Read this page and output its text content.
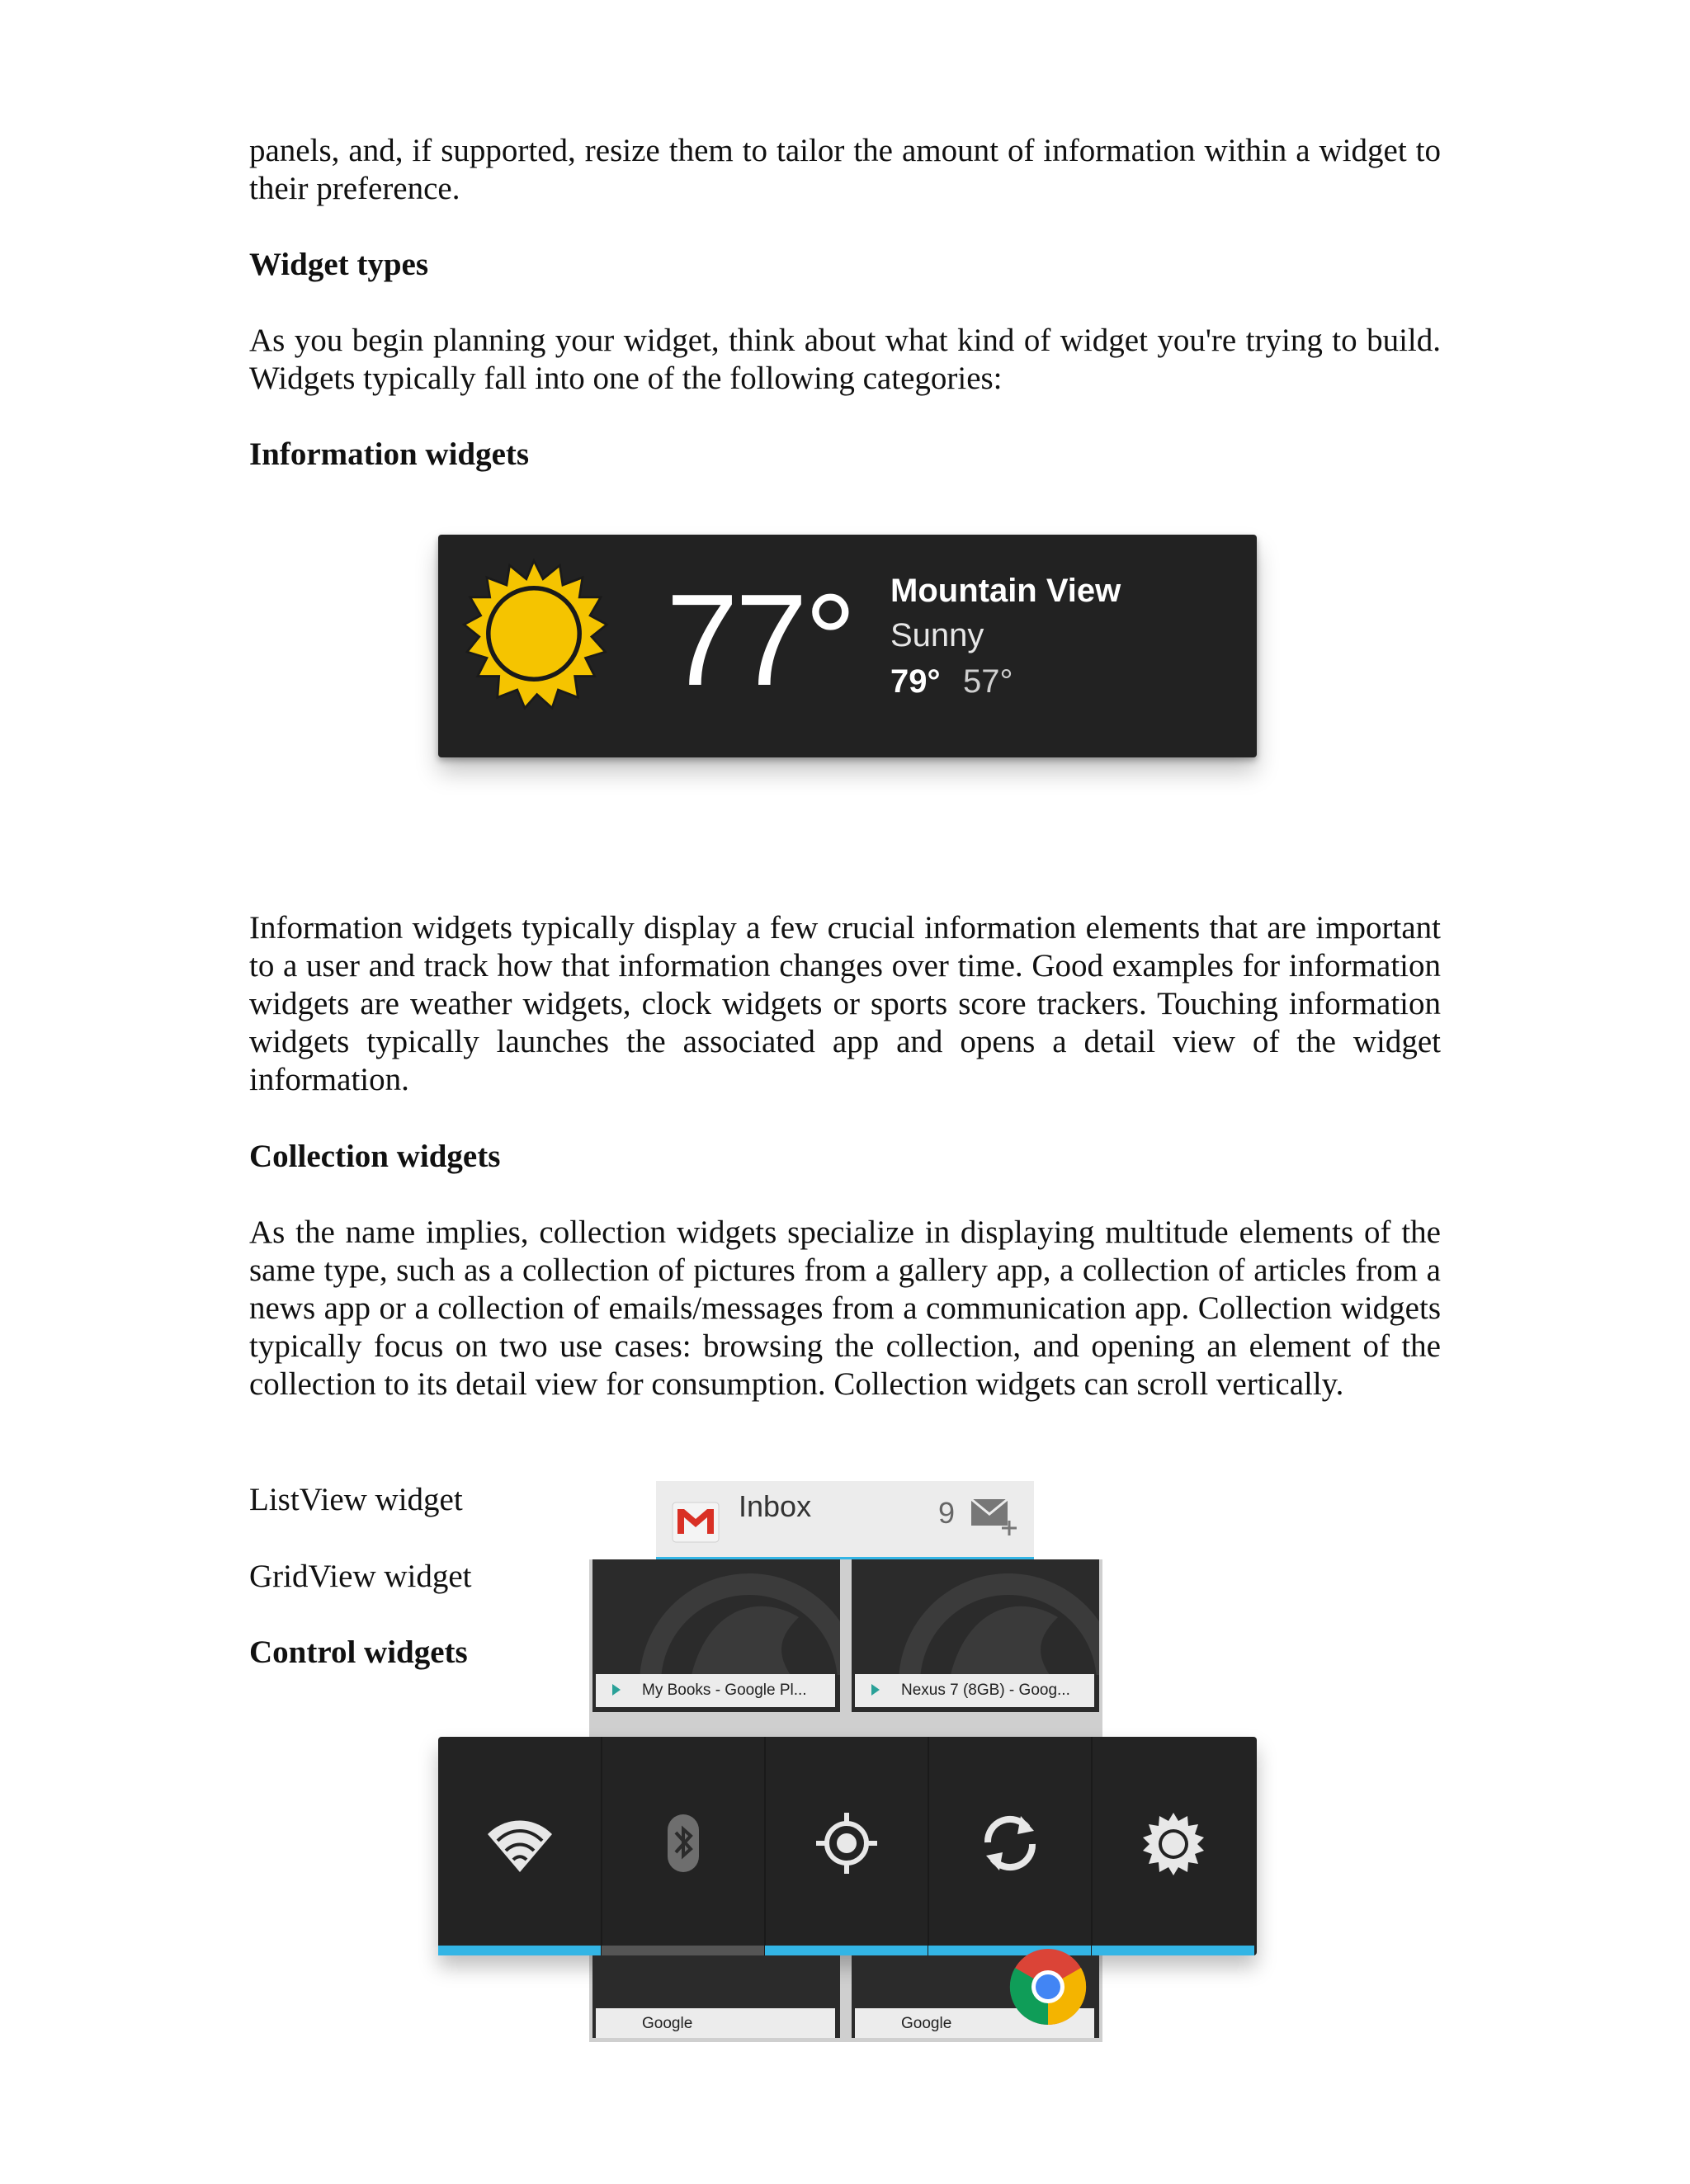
panels, and, if supported, resize them to tailor the amount of information within a widget to their preference.

Widget types

As you begin planning your widget, think about what kind of widget you're trying to build. Widgets typically fall into one of the following categories:

Information widgets

Information widgets typically display a few crucial information elements that are important to a user and track how that information changes over time. Good examples for information widgets are weather widgets, clock widgets or sports score trackers. Touching information widgets typically launches the associated app and opens a detail view of the widget information.

Collection widgets

As the name implies, collection widgets specialize in displaying multitude elements of the same type, such as a collection of pictures from a gallery app, a collection of articles from a news app or a collection of emails/messages from a communication app. Collection widgets typically focus on two use cases: browsing the collection, and opening an element of the collection to its detail view for consumption. Collection widgets can scroll vertically.

ListView widget

GridView widget

Control widgets

77° Mountain View
Sunny
79° 57°
Inbox	9
My Books - Google Pl...	Nexus 7 (8GB) - Goog...
Google	Google
